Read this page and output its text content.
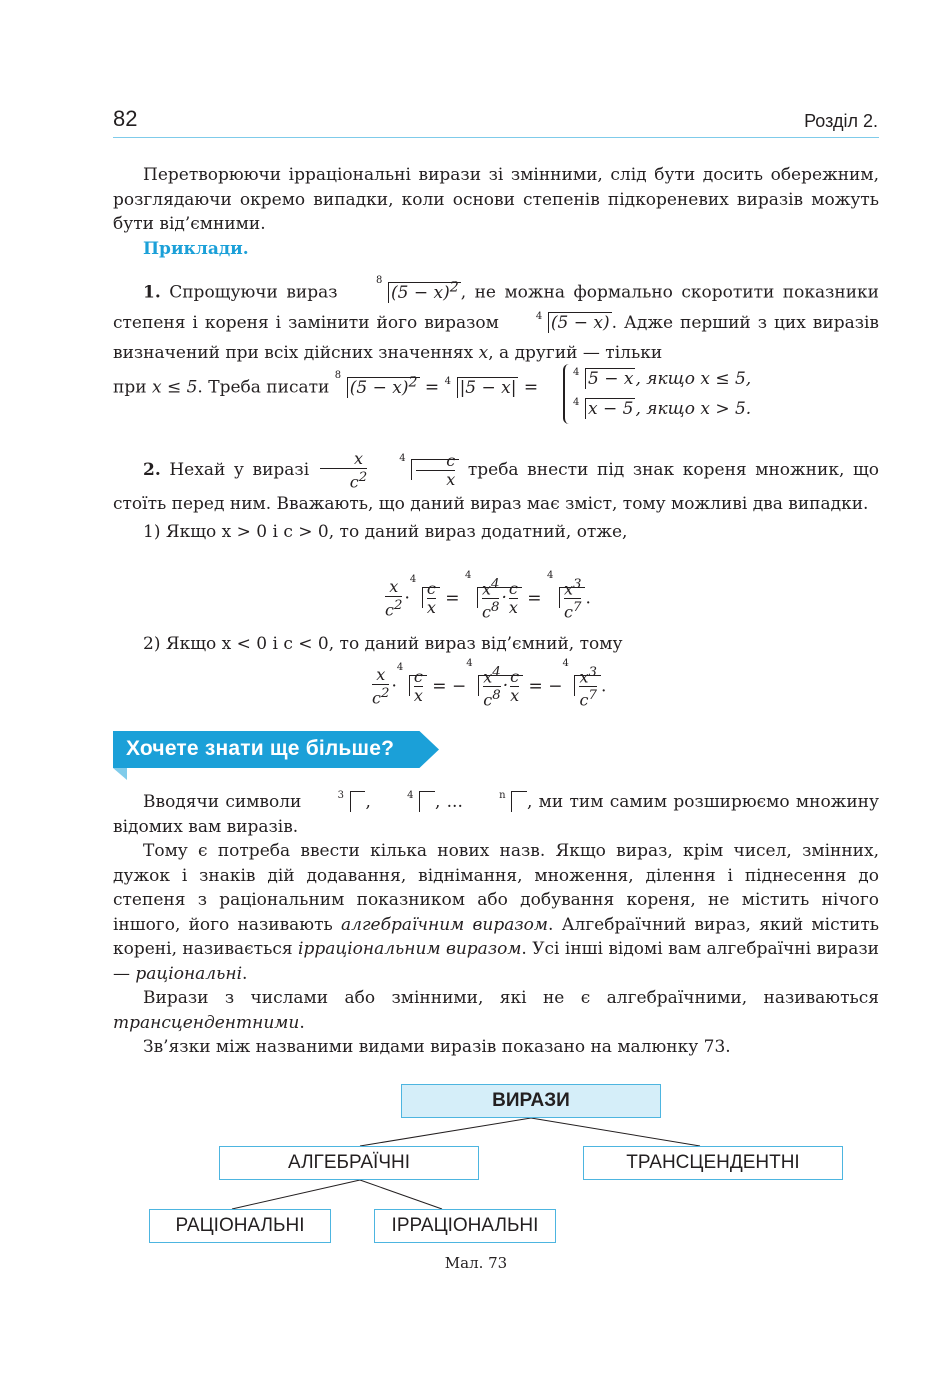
82	Розділ 2.

Перетворюючи ірраціональні вирази зі змінними, слід бути досить обережним, розглядаючи окремо випадки, коли основи степенів підкореневих виразів можуть бути від’ємними.

Приклади.

1. Спрощуючи вираз
8
$(5 - x)^2$ , не можна формально скоротити показники степеня і кореня і замінити його виразом	4 (5 − x) . Адже перший з цих виразів визначений при всіх дійсних значеннях x, а другий — тільки

при x ≤ 5. Треба писати
8
$(5 - x)^2 = 4$ |5 − x| =
4 5 − x , якщо x ≤ 5,
4 x − 5 , якщо x > 5.

2. Нехай у виразі $\frac{x}{c^2}$	$4 \frac{c}{x}$ треба внести під знак кореня множник, що стоїть перед ним. Вважають, що даний вираз має зміст, тому можливі два випадки.

1) Якщо x > 0 і c > 0, то даний вираз додатний, отже,

$\frac{x}{c^2}$ ·
4
$\frac{c}{x}$ =
4
$\frac{x^4}{c^8} \cdot \frac{c}{x}$ =
4
$\frac{x^3}{c^7}$ .

2) Якщо x < 0 і c < 0, то даний вираз від’ємний, тому

$\frac{x}{c^2}$ ·
4
$\frac{c}{x}$ = −
4
$\frac{x^4}{c^8} \cdot \frac{c}{x}$ = −
4
$\frac{x^3}{c^7}$ .
Хочете знати ще більше?

Вводячи символи	3 ,	4 , ...	n , ми тим самим розширюємо множину відомих вам виразів.

Тому є потреба ввести кілька нових назв. Якщо вираз, крім чисел, змінних, дужок і знаків дій додавання, віднімання, множення, ділення і піднесення до степеня з раціональним показником або добування кореня, не містить нічого іншого, його називають алгебраїчним виразом. Алгебраїчний вираз, який містить корені, називається ірраціональним виразом. Усі інші відомі вам алгебраїчні вирази — раціональні.

Вирази з числами або змінними, які не є алгебраїчними, називаються трансцендентними.

Зв’язки між названими видами виразів показано на малюнку 73.

ВИРАЗИ
АЛГЕБРАЇЧНІ	ТРАНСЦЕНДЕНТНІ
РАЦІОНАЛЬНІ	ІРРАЦІОНАЛЬНІ
Мал. 73
